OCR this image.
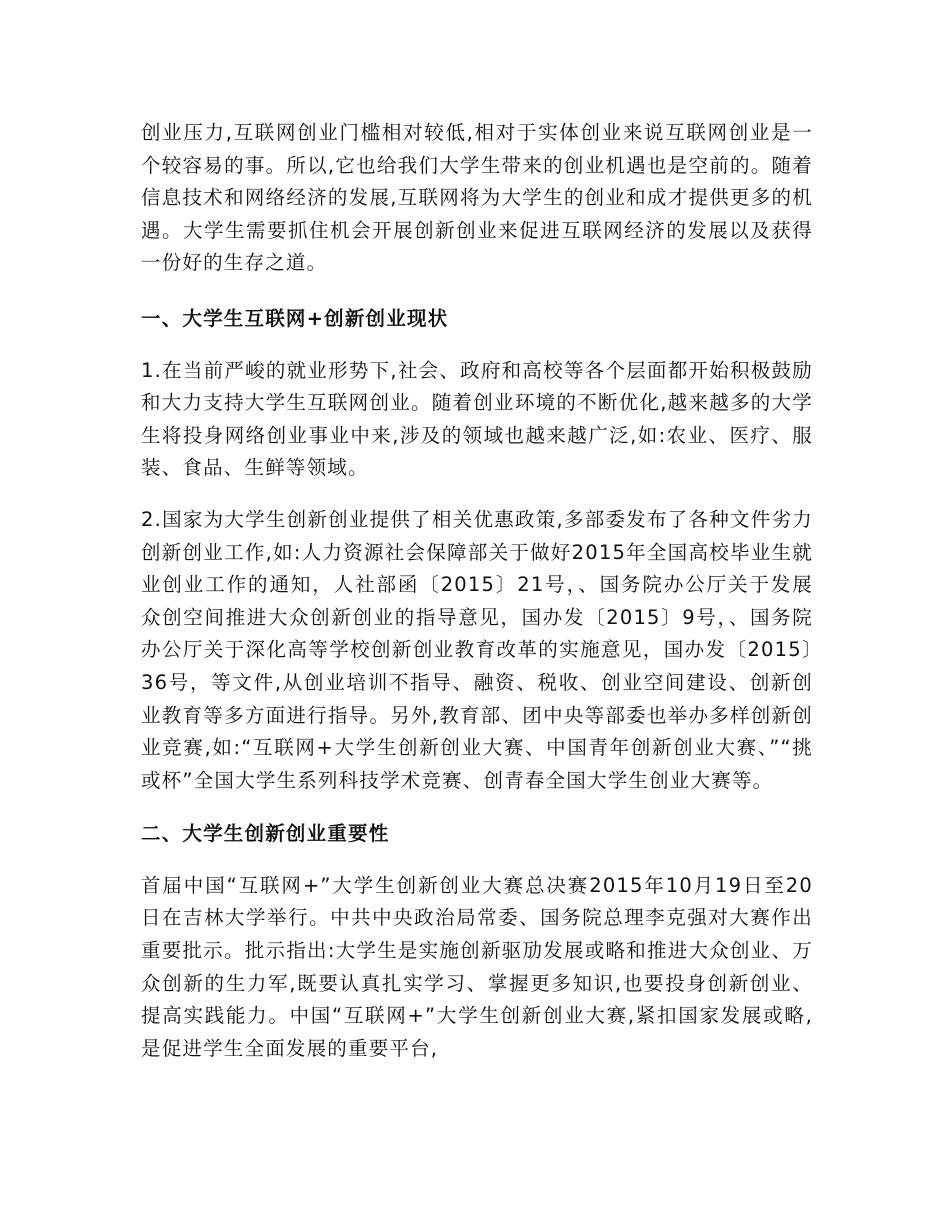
创业压力,互联网创业门槛相对较低,相对于实体创业来说互联网创业是一个较容易的事。所以,它也给我们大学生带来的创业机遇也是空前的。随着信息技术和网络经济的发展,互联网将为大学生的创业和成才提供更多的机遇。大学生需要抓住机会开展创新创业来促进互联网经济的发展以及获得一份好的生存之道。

一、大学生互联网+创新创业现状

1.在当前严峻的就业形势下,社会、政府和高校等各个层面都开始积极鼓励和大力支持大学生互联网创业。随着创业环境的不断优化,越来越多的大学生将投身网络创业事业中来,涉及的领域也越来越广泛,如:农业、医疗、服装、食品、生鲜等领域。

2.国家为大学生创新创业提供了相关优惠政策,多部委发布了各种文件劣力创新创业工作,如:人力资源社会保障部关于做好2015年全国高校毕业生就业创业工作的通知，人社部函〔2015〕21号，、国务院办公厅关于发展众创空间推进大众创新创业的指导意见，国办发〔2015〕9号，、国务院办公厅关于深化高等学校创新创业教育改革的实施意见，国办发〔2015〕36号，等文件,从创业培训不指导、融资、税收、创业空间建设、创新创业教育等多方面进行指导。另外,教育部、团中央等部委也举办多样创新创业竞赛,如:“互联网+大学生创新创业大赛、中国青年创新创业大赛、”“挑或杯”全国大学生系列科技学术竞赛、创青春全国大学生创业大赛等。

二、大学生创新创业重要性

首届中国“互联网+”大学生创新创业大赛总决赛2015年10月19日至20日在吉林大学举行。中共中央政治局常委、国务院总理李克强对大赛作出重要批示。批示指出:大学生是实施创新驱劢发展或略和推进大众创业、万众创新的生力军,既要认真扎实学习、掌握更多知识,也要投身创新创业、提高实践能力。中国“互联网+”大学生创新创业大赛,紧扣国家发展或略,是促进学生全面发展的重要平台,
